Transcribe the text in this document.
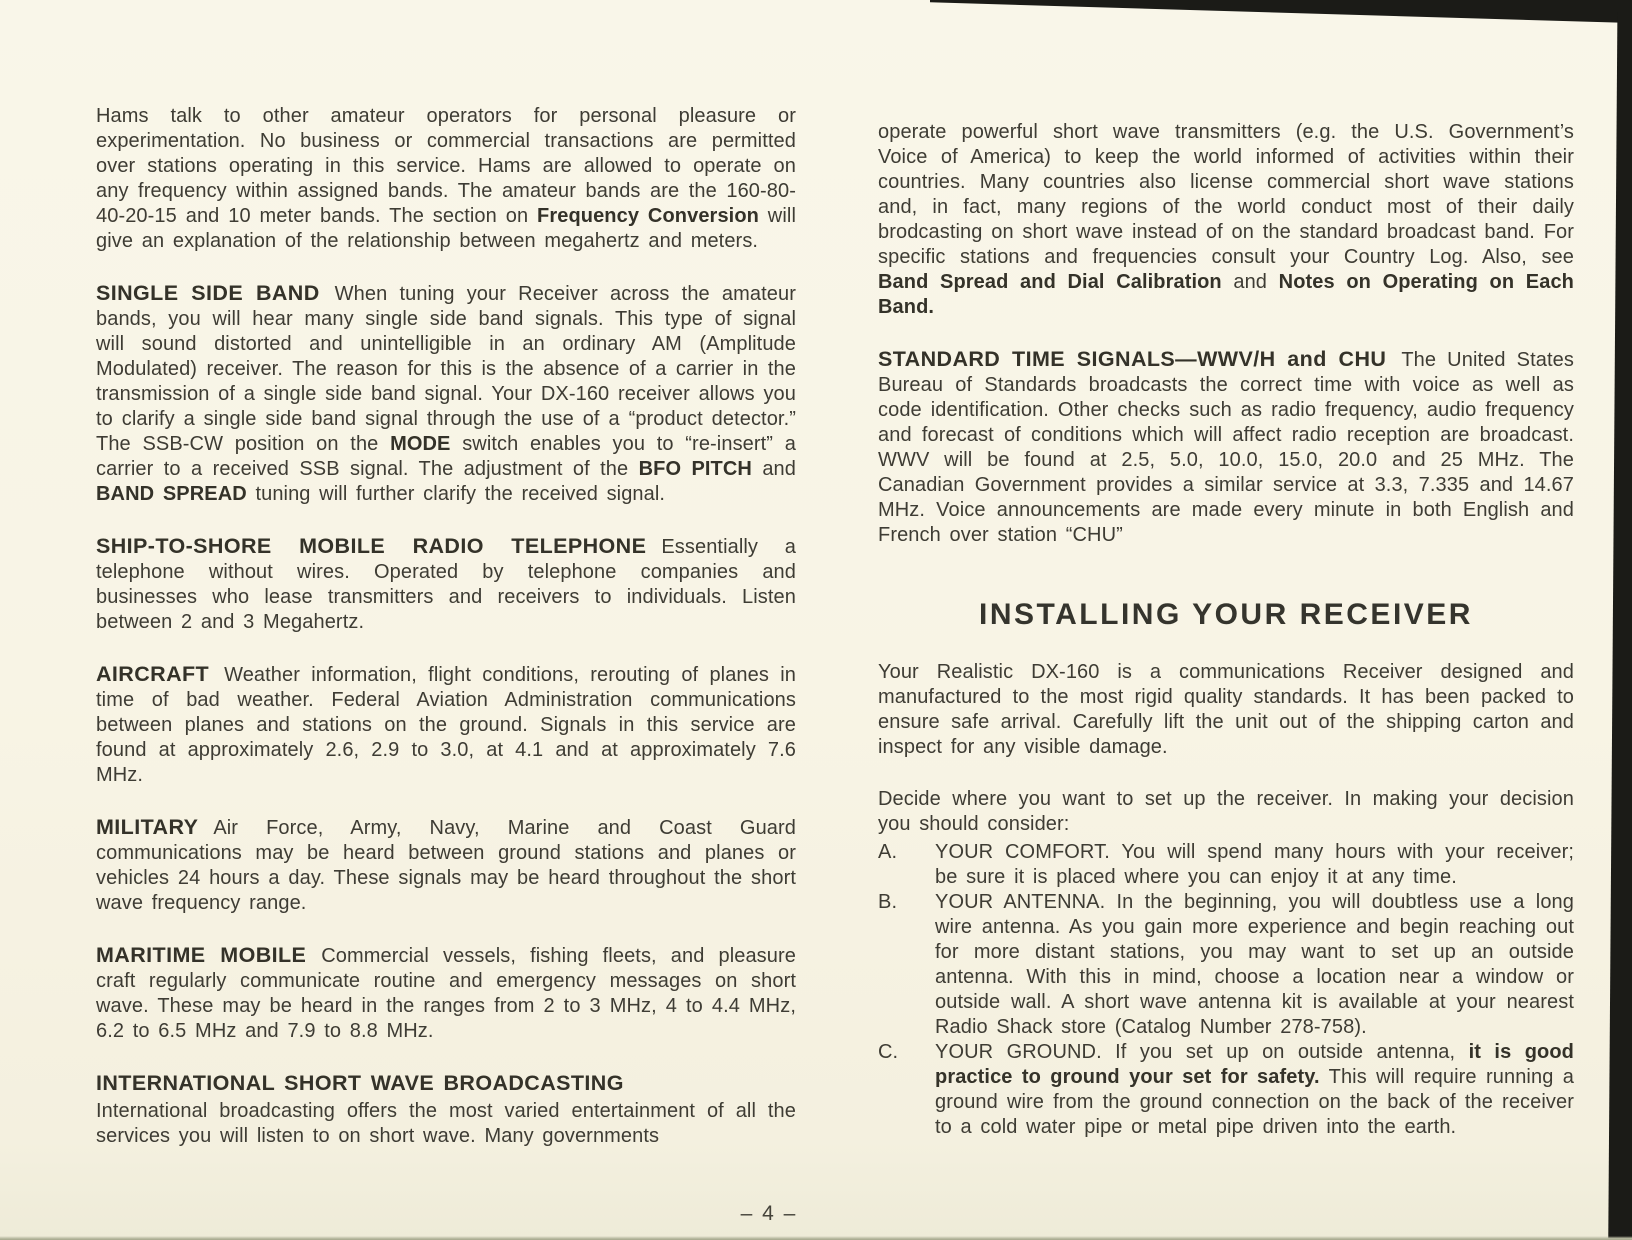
Hams talk to other amateur operators for personal pleasure or experimentation. No business or commercial transactions are permitted over stations operating in this service. Hams are allowed to operate on any frequency within assigned bands. The amateur bands are the 160-80-40-20-15 and 10 meter bands. The section on Frequency Conversion will give an explanation of the relationship between megahertz and meters.

SINGLE SIDE BAND When tuning your Receiver across the amateur bands, you will hear many single side band signals. This type of signal will sound distorted and unintelligible in an ordinary AM (Amplitude Modulated) receiver. The reason for this is the absence of a carrier in the transmission of a single side band signal. Your DX-160 receiver allows you to clarify a single side band signal through the use of a “product detector.” The SSB-CW position on the MODE switch enables you to “re-insert” a carrier to a received SSB signal. The adjustment of the BFO PITCH and BAND SPREAD tuning will further clarify the received signal.

SHIP-TO-SHORE MOBILE RADIO TELEPHONE Essentially a telephone without wires. Operated by telephone companies and businesses who lease transmitters and receivers to individuals. Listen between 2 and 3 Megahertz.

AIRCRAFT Weather information, flight conditions, rerouting of planes in time of bad weather. Federal Aviation Administration communications between planes and stations on the ground. Signals in this service are found at approximately 2.6, 2.9 to 3.0, at 4.1 and at approximately 7.6 MHz.

MILITARY Air Force, Army, Navy, Marine and Coast Guard communications may be heard between ground stations and planes or vehicles 24 hours a day. These signals may be heard throughout the short wave frequency range.

MARITIME MOBILE Commercial vessels, fishing fleets, and pleasure craft regularly communicate routine and emergency messages on short wave. These may be heard in the ranges from 2 to 3 MHz, 4 to 4.4 MHz, 6.2 to 6.5 MHz and 7.9 to 8.8 MHz.

INTERNATIONAL SHORT WAVE BROADCASTING
International broadcasting offers the most varied entertainment of all the services you will listen to on short wave. Many governments

operate powerful short wave transmitters (e.g. the U.S. Government’s Voice of America) to keep the world informed of activities within their countries. Many countries also license commercial short wave stations and, in fact, many regions of the world conduct most of their daily brodcasting on short wave instead of on the standard broadcast band. For specific stations and frequencies consult your Country Log. Also, see Band Spread and Dial Calibration and Notes on Operating on Each Band.

STANDARD TIME SIGNALS—WWV/H and CHU The United States Bureau of Standards broadcasts the correct time with voice as well as code identification. Other checks such as radio frequency, audio frequency and forecast of conditions which will affect radio reception are broadcast. WWV will be found at 2.5, 5.0, 10.0, 15.0, 20.0 and 25 MHz. The Canadian Government provides a similar service at 3.3, 7.335 and 14.67 MHz. Voice announcements are made every minute in both English and French over station “CHU”

INSTALLING YOUR RECEIVER

Your Realistic DX-160 is a communications Receiver designed and manufactured to the most rigid quality standards. It has been packed to ensure safe arrival. Carefully lift the unit out of the shipping carton and inspect for any visible damage.

Decide where you want to set up the receiver. In making your decision you should consider:

A. YOUR COMFORT. You will spend many hours with your receiver; be sure it is placed where you can enjoy it at any time.
B. YOUR ANTENNA. In the beginning, you will doubtless use a long wire antenna. As you gain more experience and begin reaching out for more distant stations, you may want to set up an outside antenna. With this in mind, choose a location near a window or outside wall. A short wave antenna kit is available at your nearest Radio Shack store (Catalog Number 278-758).
C. YOUR GROUND. If you set up on outside antenna, it is good practice to ground your set for safety. This will require running a ground wire from the ground connection on the back of the receiver to a cold water pipe or metal pipe driven into the earth.
– 4 –
